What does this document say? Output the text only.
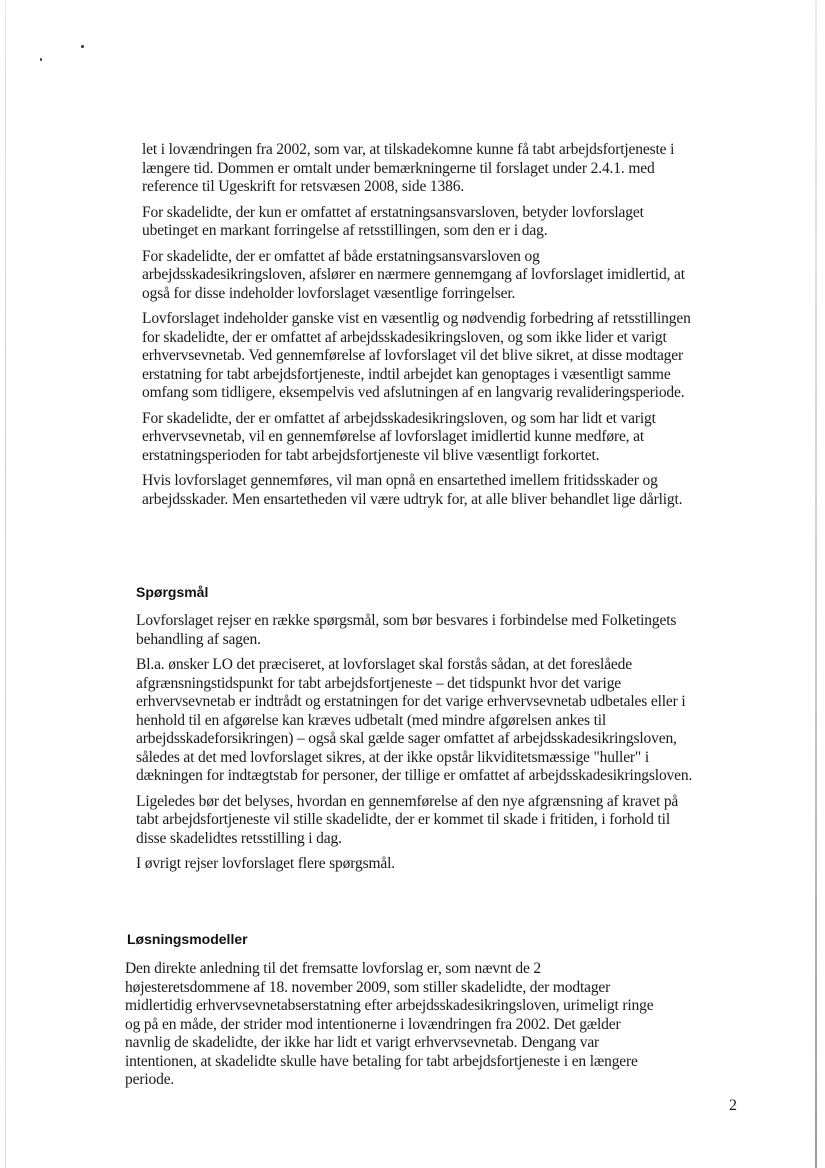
let i lovændringen fra 2002, som var, at tilskadekomne kunne få tabt arbejdsfortjeneste i længere tid. Dommen er omtalt under bemærkningerne til forslaget under 2.4.1. med reference til Ugeskrift for retsvæsen 2008, side 1386.

For skadelidte, der kun er omfattet af erstatningsansvarsloven, betyder lovforslaget ubetinget en markant forringelse af retsstillingen, som den er i dag.

For skadelidte, der er omfattet af både erstatningsansvarsloven og arbejdsskadesikringsloven, afslører en nærmere gennemgang af lovforslaget imidlertid, at også for disse indeholder lovforslaget væsentlige forringelser.

Lovforslaget indeholder ganske vist en væsentlig og nødvendig forbedring af retsstillingen for skadelidte, der er omfattet af arbejdsskadesikringsloven, og som ikke lider et varigt erhvervsevnetab. Ved gennemførelse af lovforslaget vil det blive sikret, at disse modtager erstatning for tabt arbejdsfortjeneste, indtil arbejdet kan genoptages i væsentligt samme omfang som tidligere, eksempelvis ved afslutningen af en langvarig revalideringsperiode.

For skadelidte, der er omfattet af arbejdsskadesikringsloven, og som har lidt et varigt erhvervsevnetab, vil en gennemførelse af lovforslaget imidlertid kunne medføre, at erstatningsperioden for tabt arbejdsfortjeneste vil blive væsentligt forkortet.

Hvis lovforslaget gennemføres, vil man opnå en ensartethed imellem fritidsskader og arbejdsskader. Men ensartetheden vil være udtryk for, at alle bliver behandlet lige dårligt.

Spørgsmål

Lovforslaget rejser en række spørgsmål, som bør besvares i forbindelse med Folketingets behandling af sagen.

Bl.a. ønsker LO det præciseret, at lovforslaget skal forstås sådan, at det foreslåede afgrænsningstidspunkt for tabt arbejdsfortjeneste – det tidspunkt hvor det varige erhvervsevnetab er indtrådt og erstatningen for det varige erhvervsevnetab udbetales eller i henhold til en afgørelse kan kræves udbetalt (med mindre afgørelsen ankes til arbejdsskadeforsikringen) – også skal gælde sager omfattet af arbejdsskadesikringsloven, således at det med lovforslaget sikres, at der ikke opstår likviditetsmæssige "huller" i dækningen for indtægtstab for personer, der tillige er omfattet af arbejdsskadesikringsloven.

Ligeledes bør det belyses, hvordan en gennemførelse af den nye afgrænsning af kravet på tabt arbejdsfortjeneste vil stille skadelidte, der er kommet til skade i fritiden, i forhold til disse skadelidtes retsstilling i dag.

I øvrigt rejser lovforslaget flere spørgsmål.

Løsningsmodeller

Den direkte anledning til det fremsatte lovforslag er, som nævnt de 2 højesteretsdommene af 18. november 2009, som stiller skadelidte, der modtager midlertidig erhvervsevnetabserstatning efter arbejdsskadesikringsloven, urimeligt ringe og på en måde, der strider mod intentionerne i lovændringen fra 2002. Det gælder navnlig de skadelidte, der ikke har lidt et varigt erhvervsevnetab. Dengang var intentionen, at skadelidte skulle have betaling for tabt arbejdsfortjeneste i en længere periode.

2
